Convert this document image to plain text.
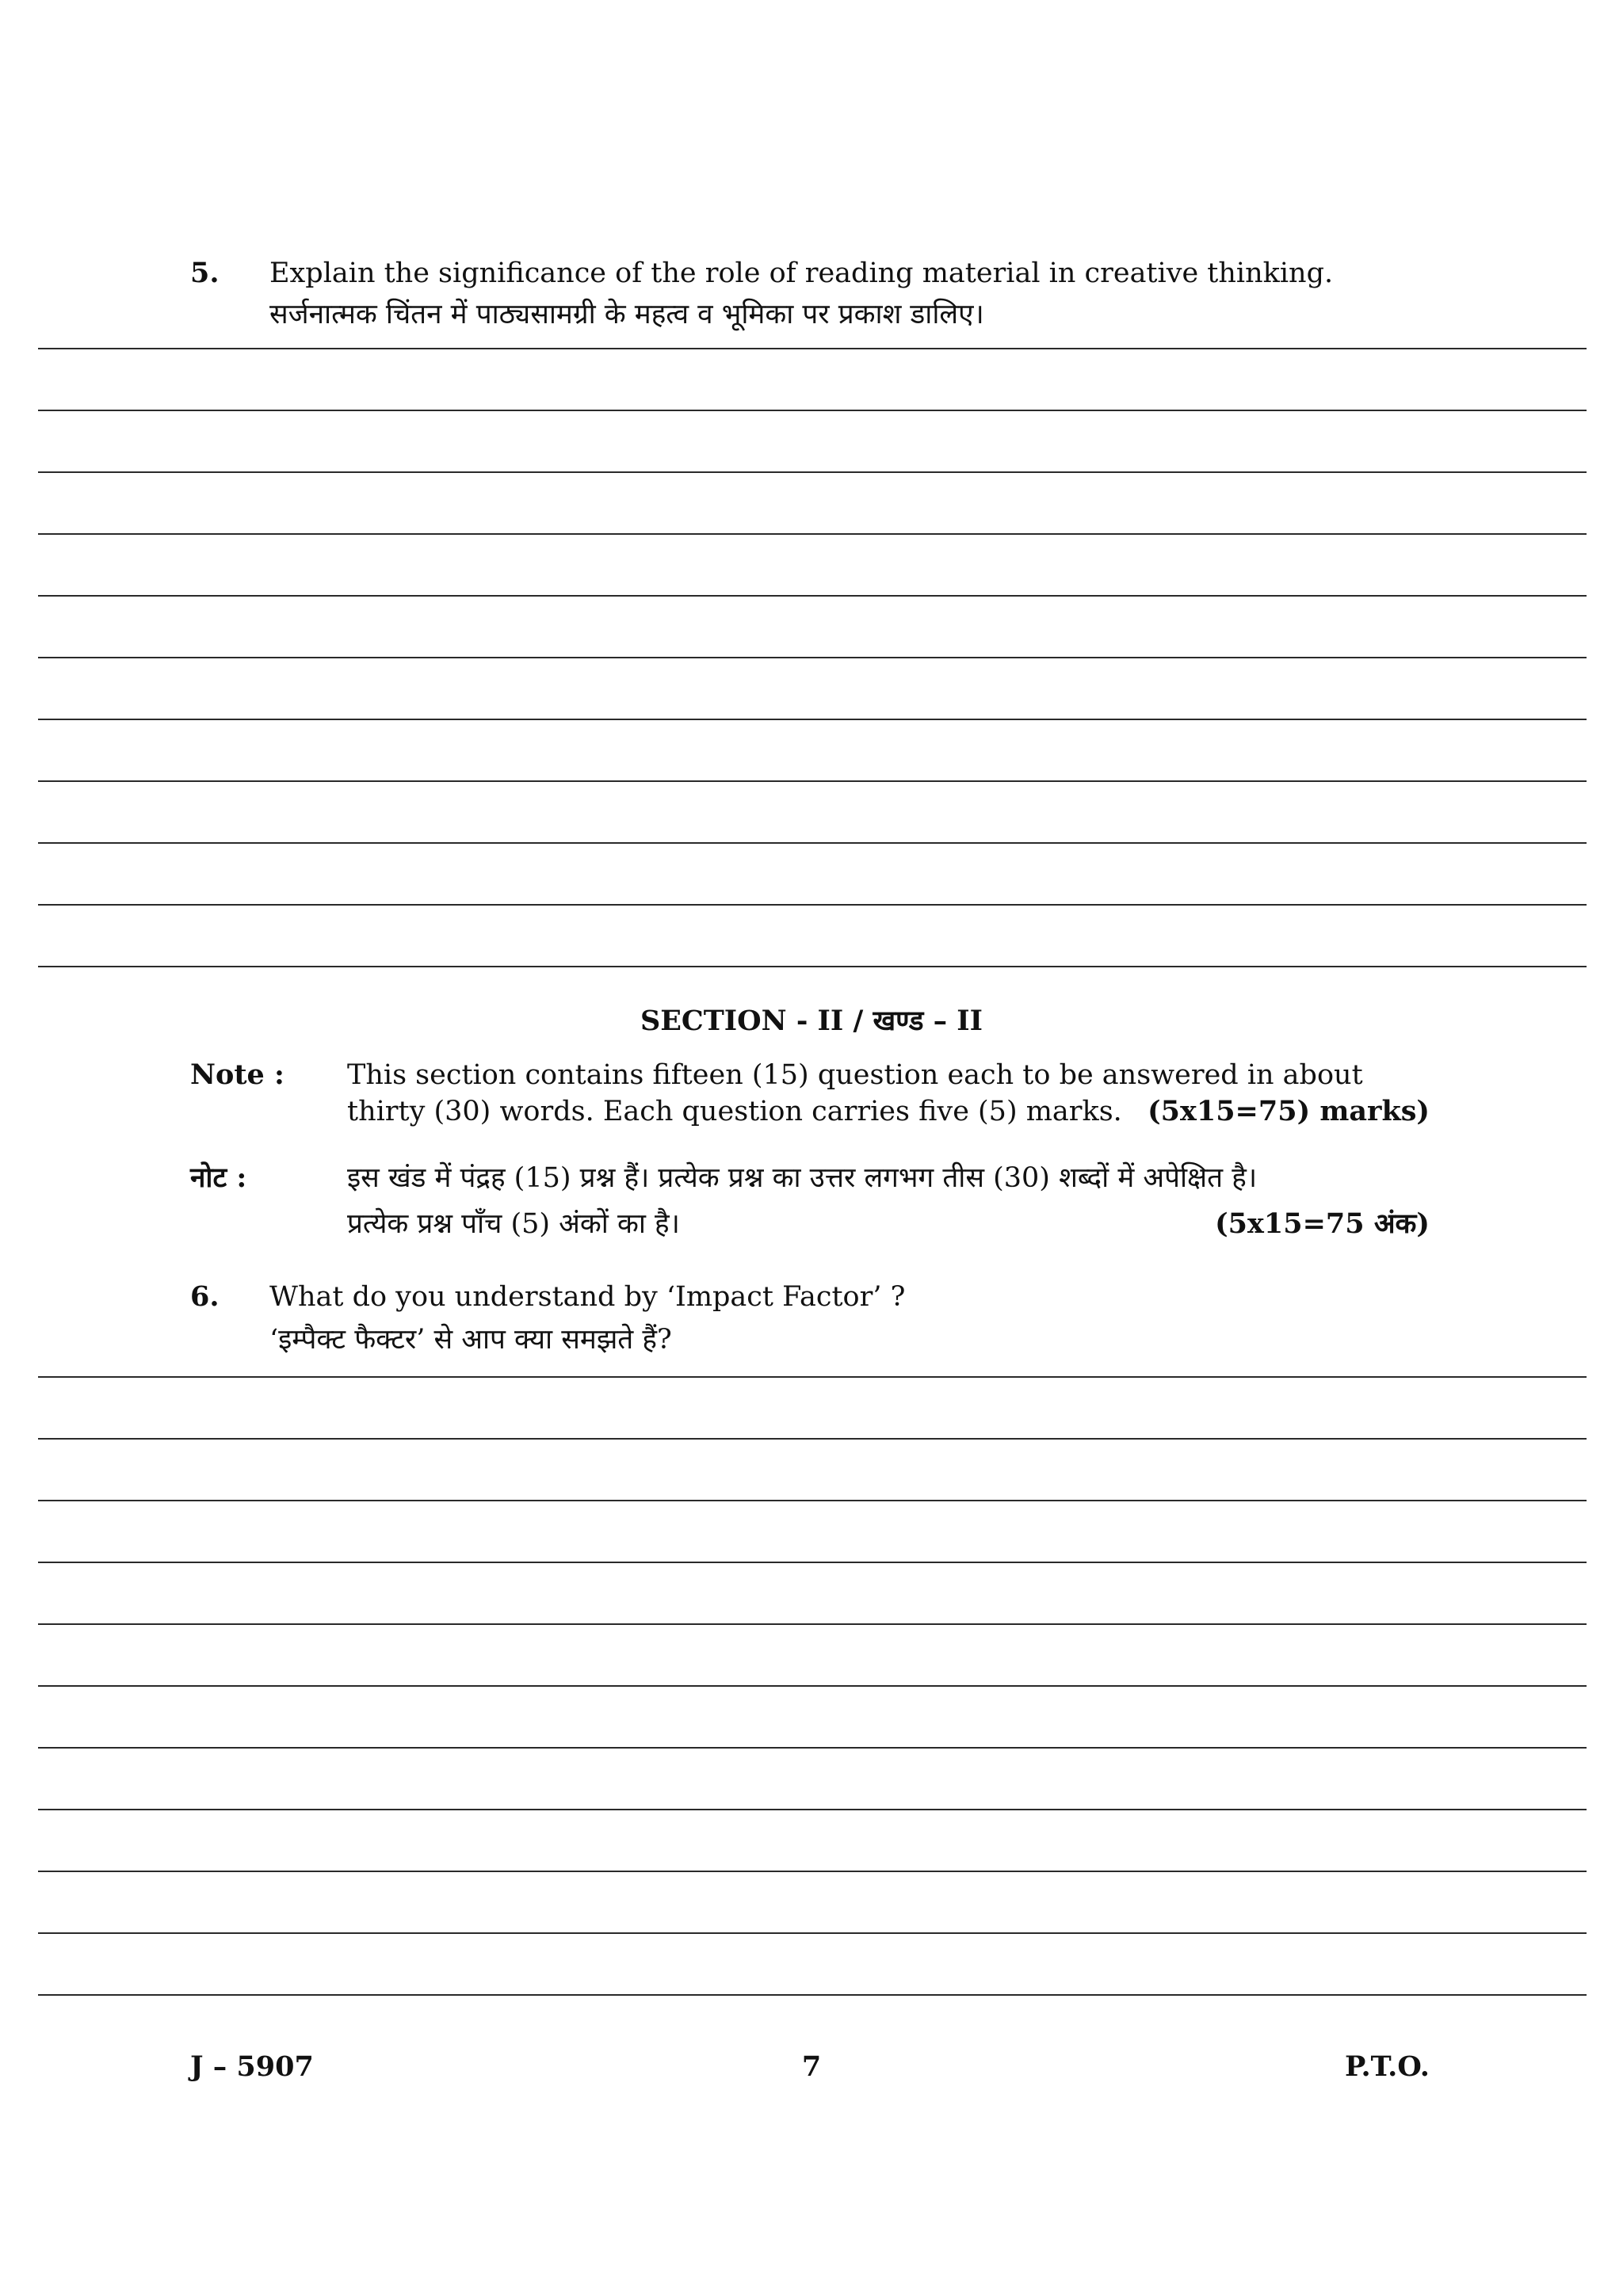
5. Explain the significance of the role of reading material in creative thinking.
सर्जनात्मक चिंतन में पाठ्यसामग्री के महत्व व भूमिका पर प्रकाश डालिए।
SECTION - II / खण्ड – II
Note : This section contains fifteen (15) question each to be answered in about
thirty (30) words. Each question carries five (5) marks. (5x15=75) marks)
नोट :	इस खंड में पंद्रह (15) प्रश्न हैं। प्रत्येक प्रश्न का उत्तर लगभग तीस (30) शब्दों में अपेक्षित है।
प्रत्येक प्रश्न पाँच (5) अंकों का है।	(5x15=75 अंक)
6. What do you understand by ‘Impact Factor’ ?
‘इम्पैक्ट फैक्टर’ से आप क्या समझते हैं?
J – 5907	7	P.T.O.
